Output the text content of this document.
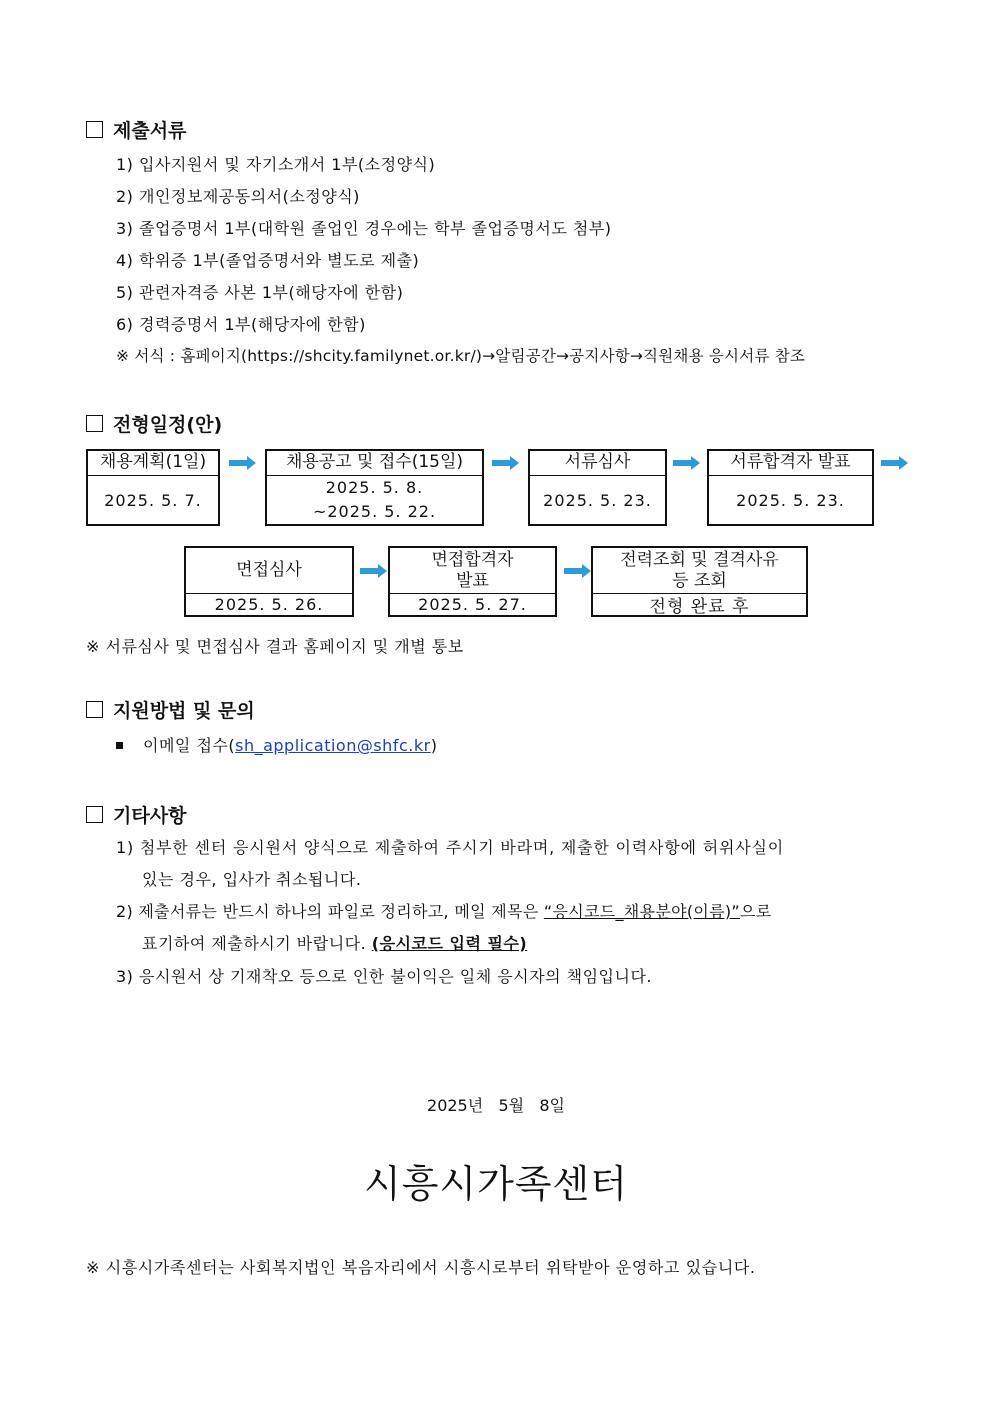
제출서류
1) 입사지원서 및 자기소개서 1부(소정양식)
2) 개인정보제공동의서(소정양식)
3) 졸업증명서 1부(대학원 졸업인 경우에는 학부 졸업증명서도 첨부)
4) 학위증 1부(졸업증명서와 별도로 제출)
5) 관련자격증 사본 1부(해당자에 한함)
6) 경력증명서 1부(해당자에 한함)
※ 서식 : 홈페이지(https://shcity.familynet.or.kr/)→알림공간→공지사항→직원채용 응시서류 참조
전형일정(안)
채용계획(1일)
2025. 5. 7.
채용공고 및 접수(15일)
2025. 5. 8.
~2025. 5. 22.
서류심사
2025. 5. 23.
서류합격자 발표
2025. 5. 23.
면접심사
2025. 5. 26.
면접합격자
발표
2025. 5. 27.
전력조회 및 결격사유
등 조회
전형 완료 후
※ 서류심사 및 면접심사 결과 홈페이지 및 개별 통보
지원방법 및 문의
이메일 접수(sh_application@shfc.kr)
기타사항
1) 첨부한 센터 응시원서 양식으로 제출하여 주시기 바라며, 제출한 이력사항에 허위사실이
있는 경우, 입사가 취소됩니다.
2) 제출서류는 반드시 하나의 파일로 정리하고, 메일 제목은 “응시코드_채용분야(이름)”으로
표기하여 제출하시기 바랍니다. (응시코드 입력 필수)
3) 응시원서 상 기재착오 등으로 인한 불이익은 일체 응시자의 책임입니다.
2025년   5월   8일
시흥시가족센터
※ 시흥시가족센터는 사회복지법인 복음자리에서 시흥시로부터 위탁받아 운영하고 있습니다.
